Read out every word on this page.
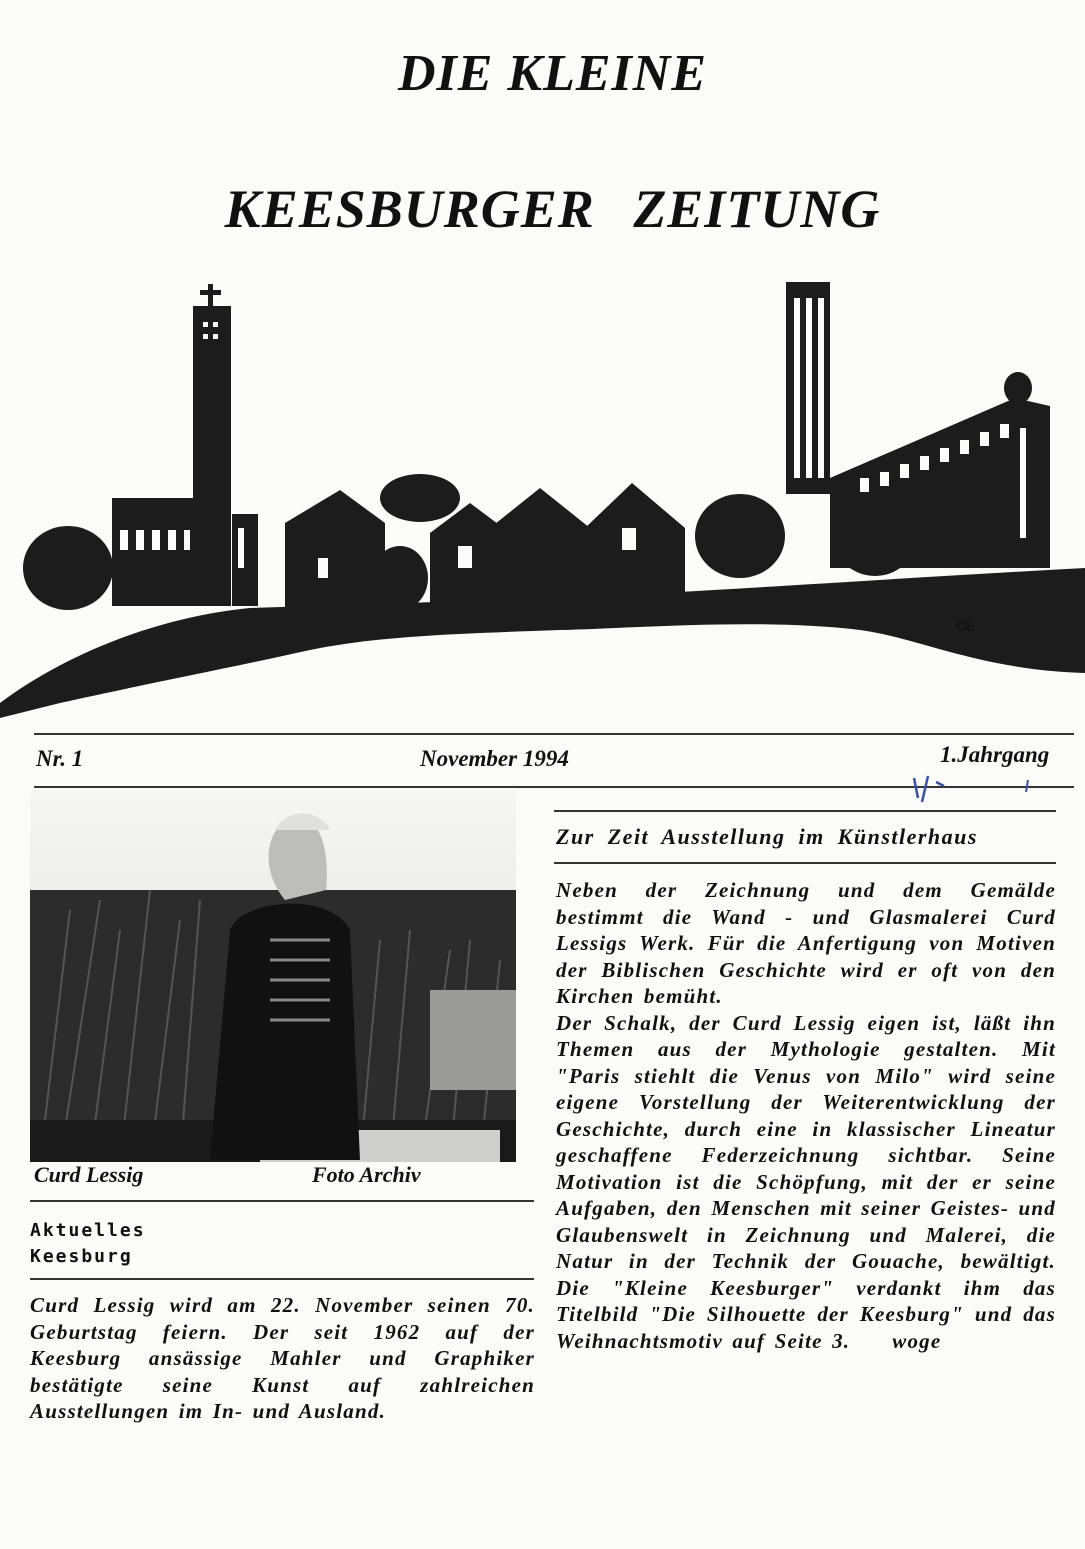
DIE KLEINE
KEESBURGER ZEITUNG
CL
Nr. 1	November 1994	1.Jahrgang
Curd Lessig	Foto Archiv
Aktuelles
Keesburg
Curd Lessig wird am 22. November seinen 70. Geburtstag feiern. Der seit 1962 auf der Keesburg ansässige Mahler und Graphiker bestätigte seine Kunst auf zahlreichen Ausstellungen im In- und Ausland.
Zur Zeit Ausstellung im Künstlerhaus
Neben der Zeichnung und dem Gemälde bestimmt die Wand - und Glasmalerei Curd Lessigs Werk. Für die Anfertigung von Motiven der Biblischen Geschichte wird er oft von den Kirchen bemüht.
Der Schalk, der Curd Lessig eigen ist, läßt ihn Themen aus der Mythologie gestalten. Mit "Paris stiehlt die Venus von Milo" wird seine eigene Vorstellung der Weiterentwicklung der Geschichte, durch eine in klassischer Lineatur geschaffene Federzeichnung sichtbar. Seine Motivation ist die Schöpfung, mit der er seine Aufgaben, den Menschen mit seiner Geistes- und Glaubenswelt in Zeichnung und Malerei, die Natur in der Technik der Gouache, bewältigt. Die "Kleine Keesburger" verdankt ihm das Titelbild "Die Silhouette der Keesburg" und das Weihnachtsmotiv auf Seite 3. woge
